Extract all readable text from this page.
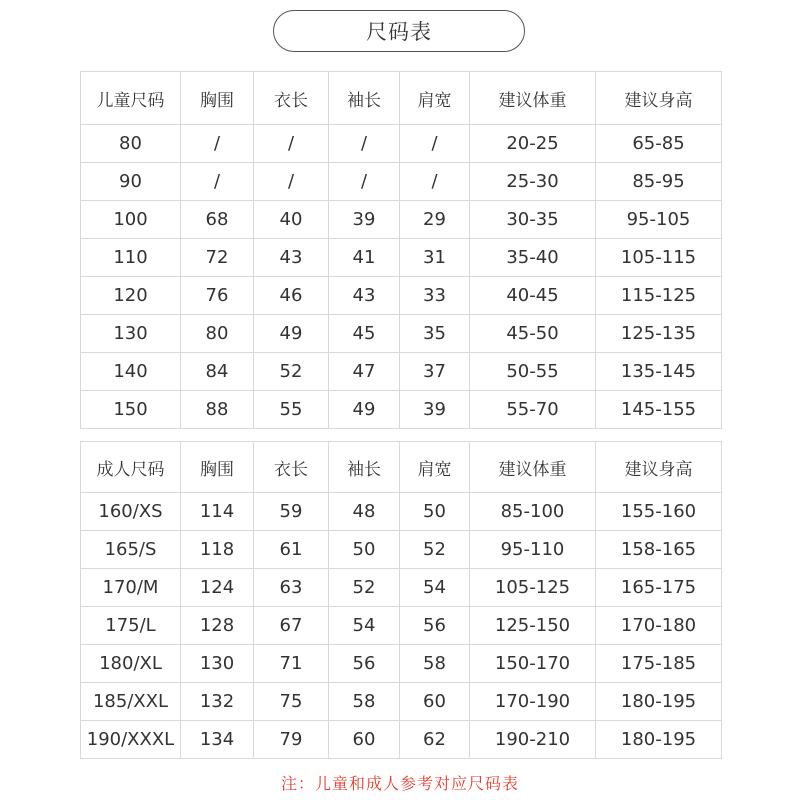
尺码表
儿童尺码	胸围	衣长	袖长	肩宽	建议体重	建议身高
80	/	/	/	/	20-25	65-85
90	/	/	/	/	25-30	85-95
100	68	40	39	29	30-35	95-105
110	72	43	41	31	35-40	105-115
120	76	46	43	33	40-45	115-125
130	80	49	45	35	45-50	125-135
140	84	52	47	37	50-55	135-145
150	88	55	49	39	55-70	145-155
成人尺码	胸围	衣长	袖长	肩宽	建议体重	建议身高
160/XS	114	59	48	50	85-100	155-160
165/S	118	61	50	52	95-110	158-165
170/M	124	63	52	54	105-125	165-175
175/L	128	67	54	56	125-150	170-180
180/XL	130	71	56	58	150-170	175-185
185/XXL	132	75	58	60	170-190	180-195
190/XXXL	134	79	60	62	190-210	180-195
注：儿童和成人参考对应尺码表
